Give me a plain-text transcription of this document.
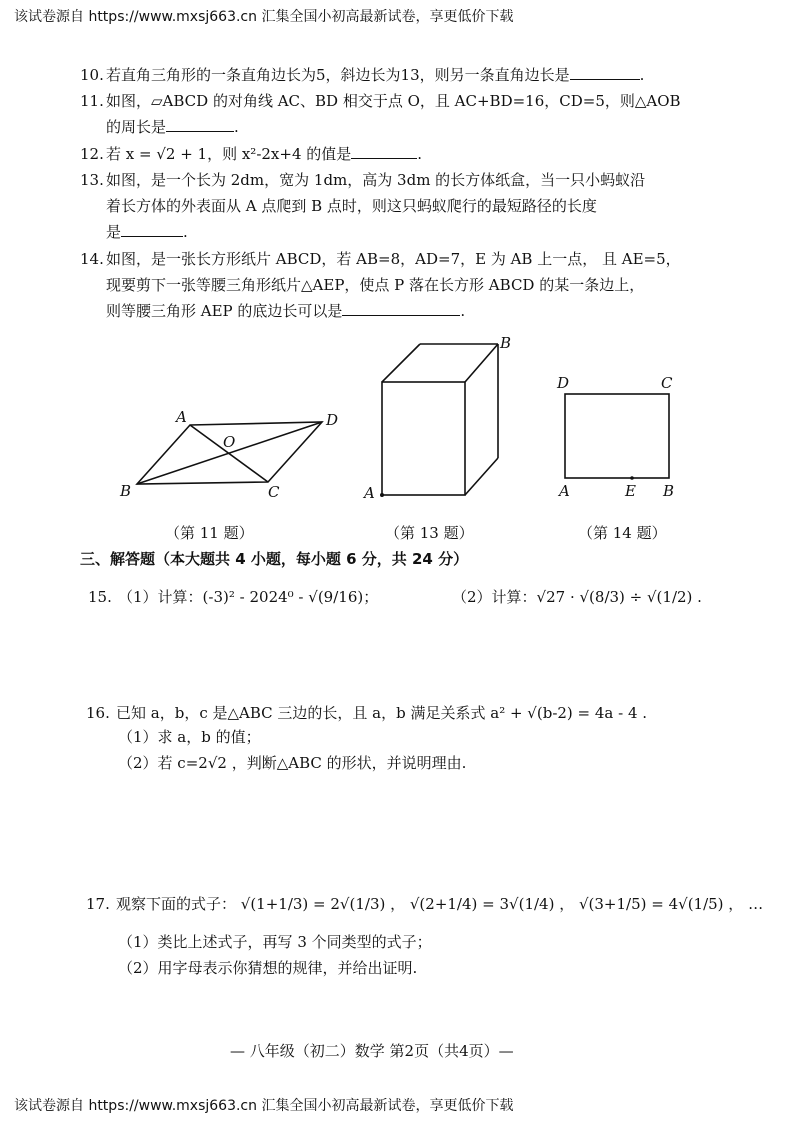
该试卷源自 https://www.mxsj663.cn 汇集全国小初高最新试卷，享更低价下载
10. 若直角三角形的一条直角边长为5，斜边长为13，则另一条直角边长是	.
11. 如图，▱ABCD 的对角线 AC、BD 相交于点 O，且 AC+BD=16，CD=5，则△AOB
的周长是	.
12. 若 x = √2 + 1，则 x²-2x+4 的值是	.
13. 如图，是一个长为 2dm，宽为 1dm，高为 3dm 的长方体纸盒，当一只小蚂蚁沿
着长方体的外表面从 A 点爬到 B 点时，则这只蚂蚁爬行的最短路径的长度
是	.
14. 如图，是一张长方形纸片 ABCD，若 AB=8，AD=7，E 为 AB 上一点， 且 AE=5，
现要剪下一张等腰三角形纸片△AEP，使点 P 落在长方形 ABCD 的某一条边上，
则等腰三角形 AEP 的底边长可以是	.
A
B	C
D
O
（第 11 题）
A
B
（第 13 题）
D	C
A	E B
（第 14 题）
三、解答题（本大题共 4 小题，每小题 6 分，共 24 分）
15. （1）计算：(-3)² - 2024⁰ - √(9/16)；	（2）计算：√27 · √(8/3) ÷ √(1/2) .
16. 已知 a，b，c 是△ABC 三边的长，且 a，b 满足关系式 a² + √(b-2) = 4a - 4 .
（1）求 a，b 的值；
（2）若 c=2√2 ，判断△ABC 的形状，并说明理由.
17. 观察下面的式子： √(1+1/3) = 2√(1/3) ， √(2+1/4) = 3√(1/4) ， √(3+1/5) = 4√(1/5) ， …
（1）类比上述式子，再写 3 个同类型的式子；
（2）用字母表示你猜想的规律，并给出证明.
— 八年级（初二）数学 第2页（共4页）—
该试卷源自 https://www.mxsj663.cn 汇集全国小初高最新试卷，享更低价下载
